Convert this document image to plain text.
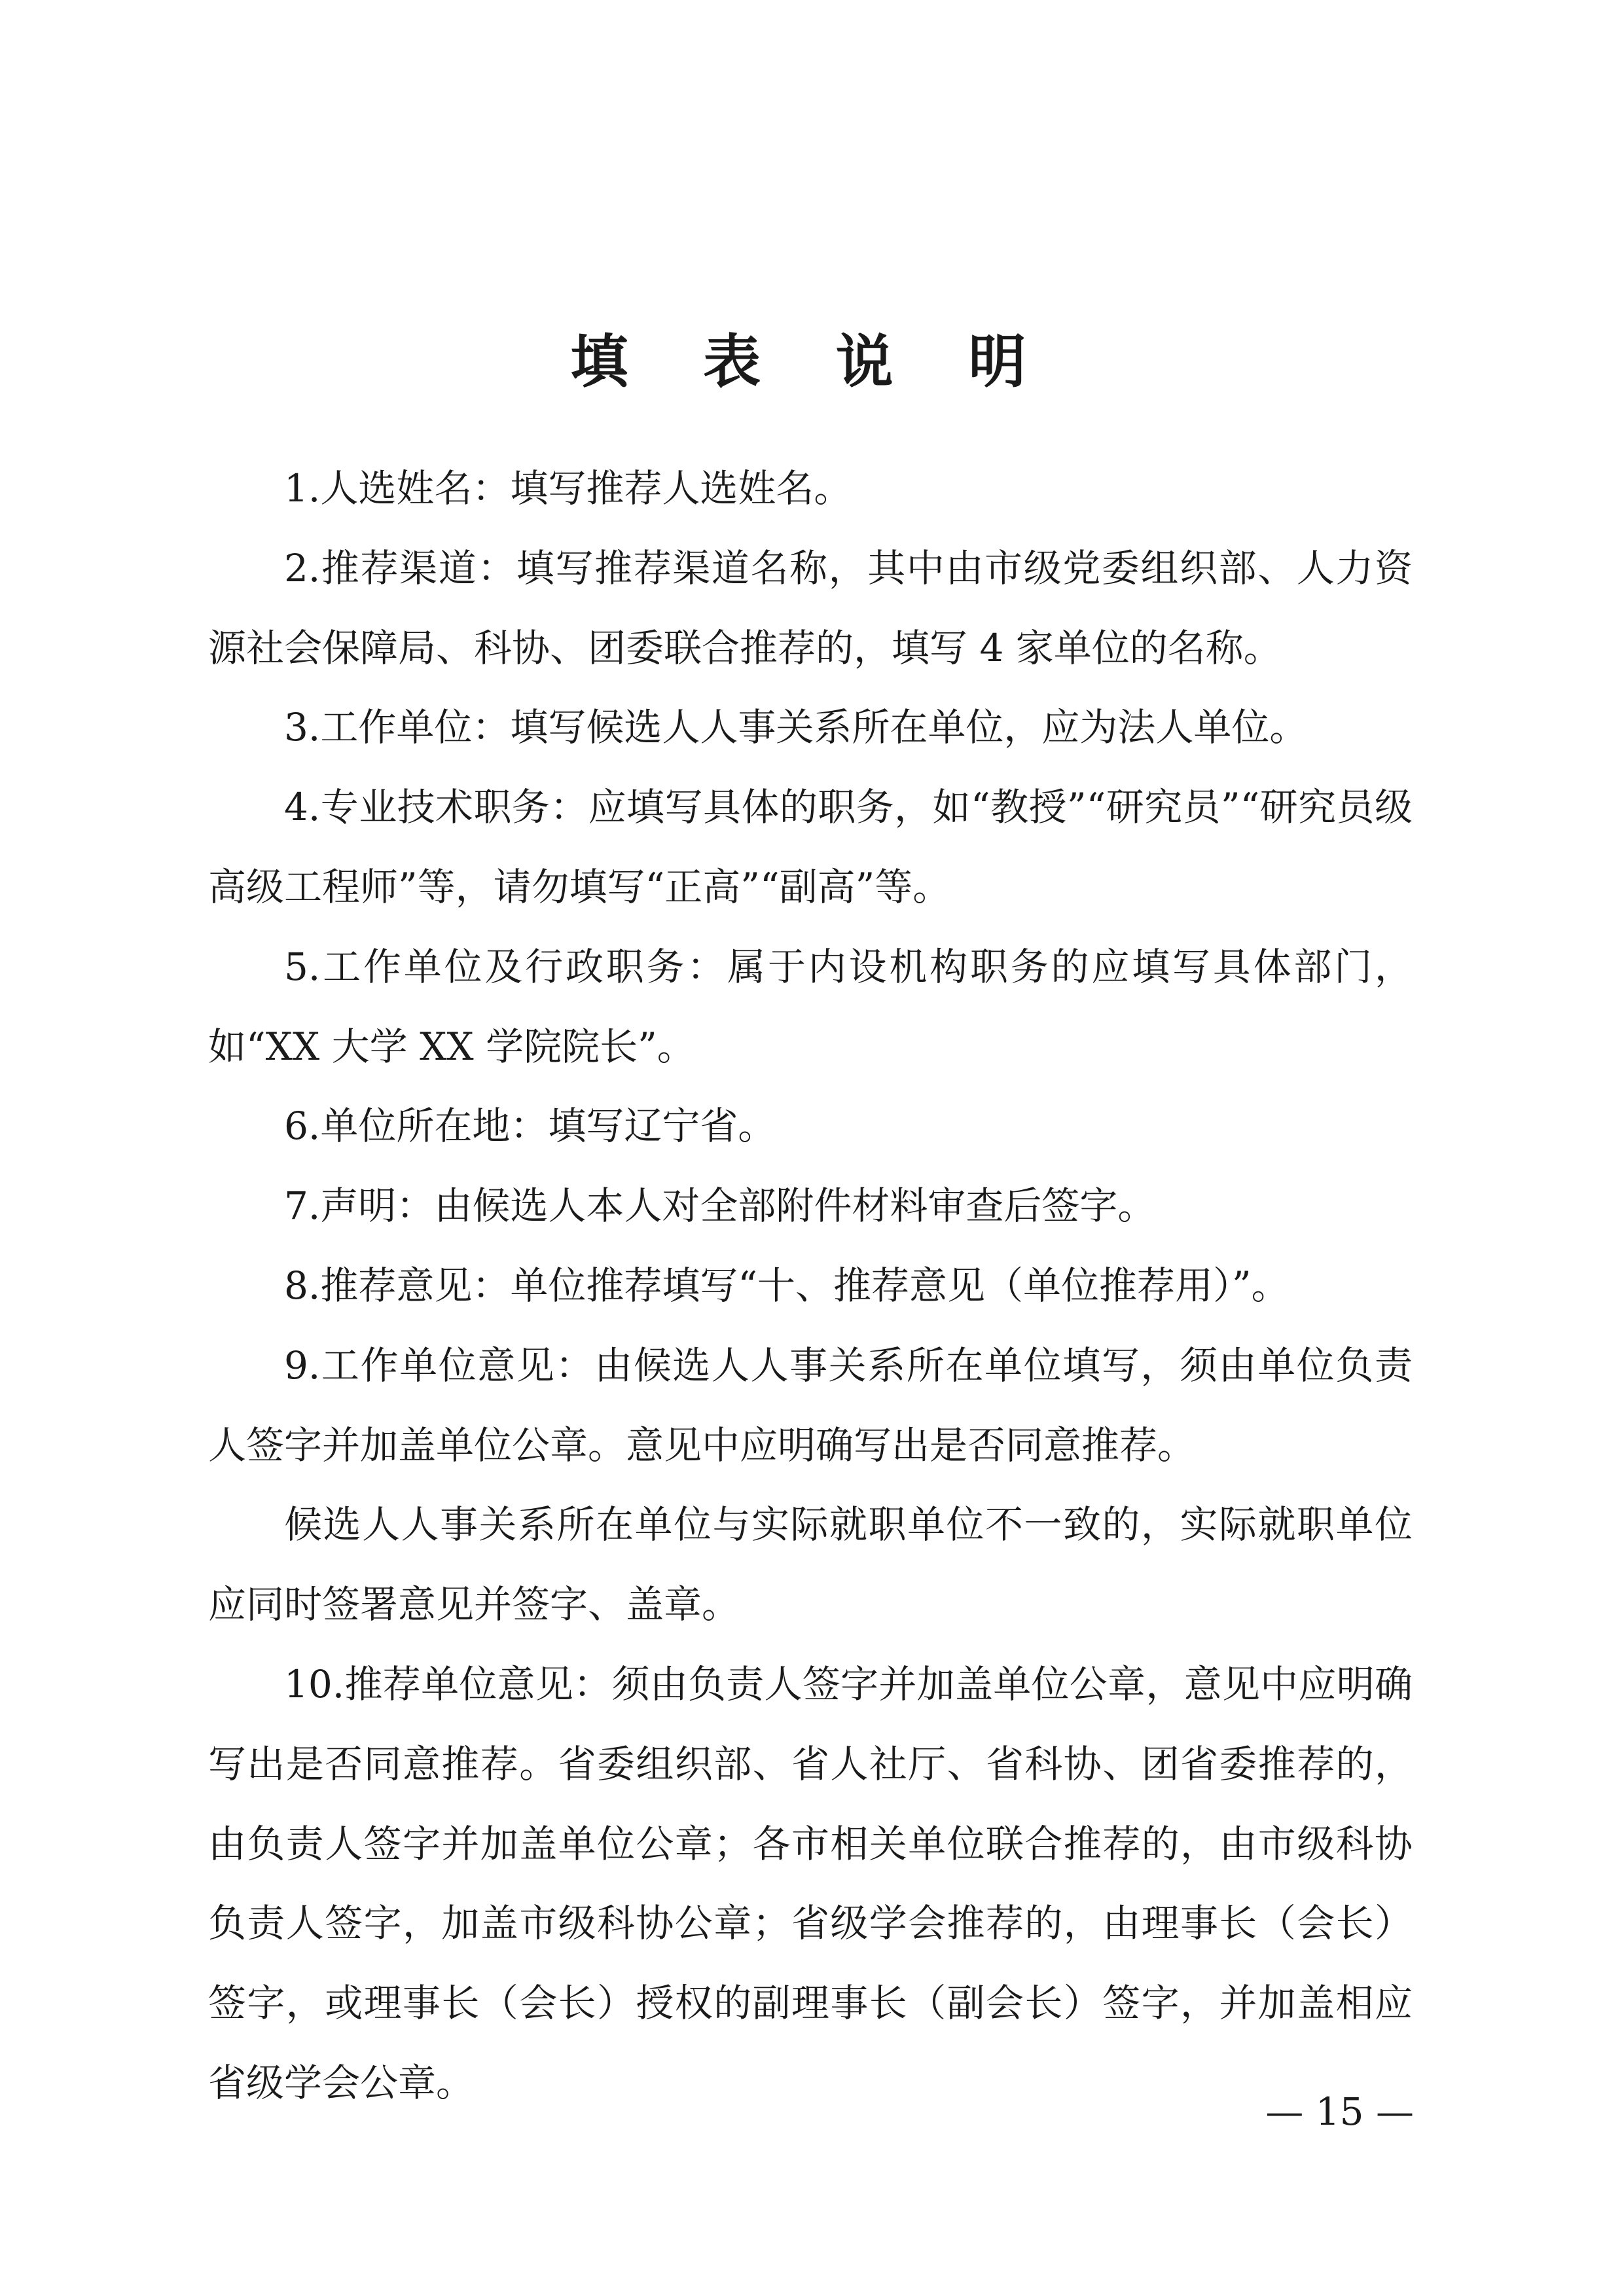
填 表 说 明

1.人选姓名：填写推荐人选姓名。

2.推荐渠道：填写推荐渠道名称，其中由市级党委组织部、人力资源社会保障局、科协、团委联合推荐的，填写 4 家单位的名称。

3.工作单位：填写候选人人事关系所在单位，应为法人单位。

4.专业技术职务：应填写具体的职务，如“教授”“研究员”“研究员级高级工程师”等，请勿填写“正高”“副高”等。

5.工作单位及行政职务：属于内设机构职务的应填写具体部门，如“XX 大学 XX 学院院长”。

6.单位所在地：填写辽宁省。

7.声明：由候选人本人对全部附件材料审查后签字。

8.推荐意见：单位推荐填写“十、推荐意见（单位推荐用）”。

9.工作单位意见：由候选人人事关系所在单位填写，须由单位负责人签字并加盖单位公章。意见中应明确写出是否同意推荐。

候选人人事关系所在单位与实际就职单位不一致的，实际就职单位应同时签署意见并签字、盖章。

10.推荐单位意见：须由负责人签字并加盖单位公章，意见中应明确写出是否同意推荐。省委组织部、省人社厅、省科协、团省委推荐的，由负责人签字并加盖单位公章；各市相关单位联合推荐的，由市级科协负责人签字，加盖市级科协公章；省级学会推荐的，由理事长（会长）签字，或理事长（会长）授权的副理事长（副会长）签字，并加盖相应省级学会公章。

— 15 —
